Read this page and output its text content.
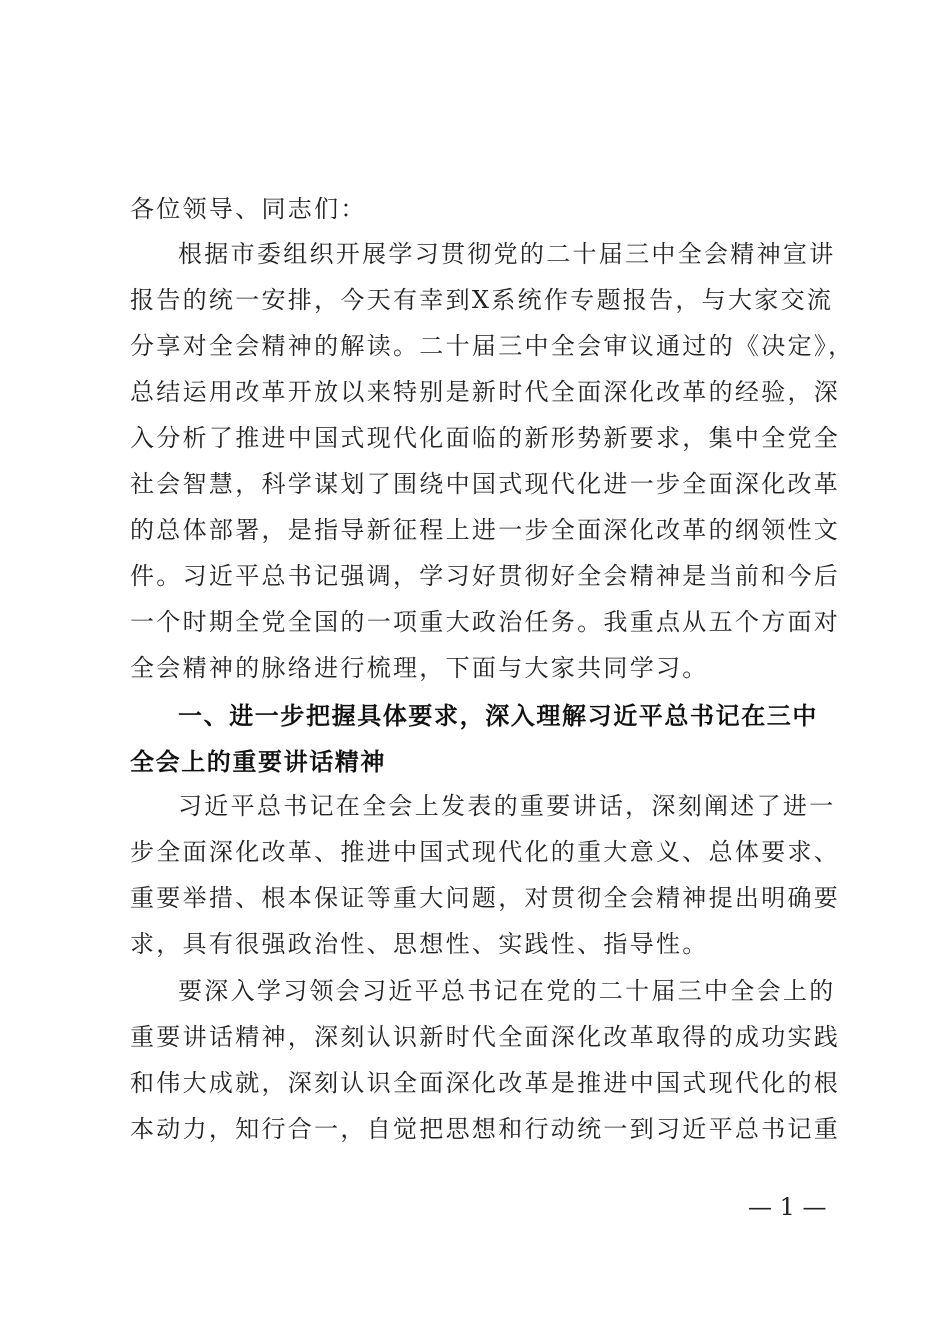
各位领导、同志们：
根据市委组织开展学习贯彻党的二十届三中全会精神宣讲
报告的统一安排，今天有幸到X系统作专题报告，与大家交流
分享对全会精神的解读。二十届三中全会审议通过的《决定》，
总结运用改革开放以来特别是新时代全面深化改革的经验，深
入分析了推进中国式现代化面临的新形势新要求，集中全党全
社会智慧，科学谋划了围绕中国式现代化进一步全面深化改革
的总体部署，是指导新征程上进一步全面深化改革的纲领性文
件。习近平总书记强调，学习好贯彻好全会精神是当前和今后
一个时期全党全国的一项重大政治任务。我重点从五个方面对
全会精神的脉络进行梳理，下面与大家共同学习。
一、进一步把握具体要求，深入理解习近平总书记在三中
全会上的重要讲话精神
习近平总书记在全会上发表的重要讲话，深刻阐述了进一
步全面深化改革、推进中国式现代化的重大意义、总体要求、
重要举措、根本保证等重大问题，对贯彻全会精神提出明确要
求，具有很强政治性、思想性、实践性、指导性。
要深入学习领会习近平总书记在党的二十届三中全会上的
重要讲话精神，深刻认识新时代全面深化改革取得的成功实践
和伟大成就，深刻认识全面深化改革是推进中国式现代化的根
本动力，知行合一，自觉把思想和行动统一到习近平总书记重
— 1 —
